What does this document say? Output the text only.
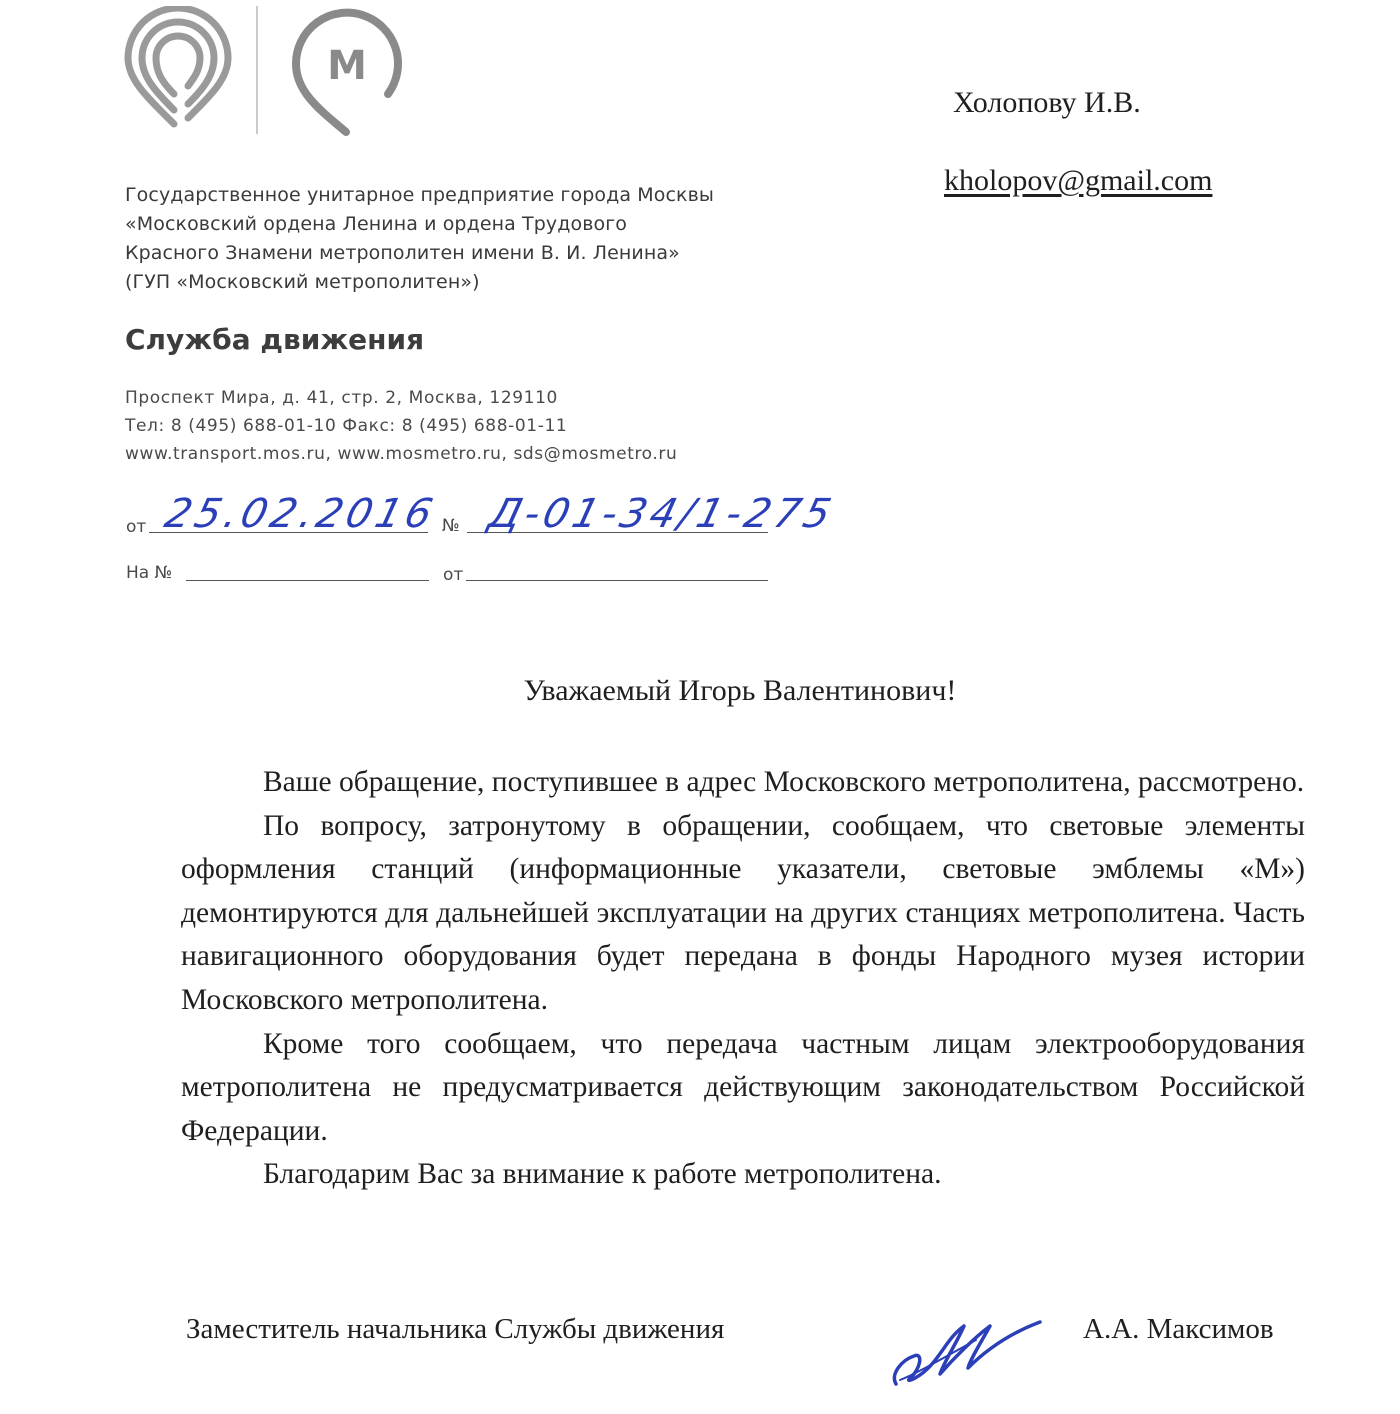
М
Государственное унитарное предприятие города Москвы
«Московский ордена Ленина и ордена Трудового
Красного Знамени метрополитен имени В. И. Ленина»
(ГУП «Московский метрополитен»)
Служба движения
Проспект Мира, д. 41, стр. 2, Москва, 129110
Тел: 8 (495) 688-01-10 Факс: 8 (495) 688-01-11
www.transport.mos.ru, www.mosmetro.ru, sds@mosmetro.ru
от 25.02.2016 № Д-01-34/1-275
На №	от
Холопову И.В.
kholopov@gmail.com
Уважаемый Игорь Валентинович!

Ваше обращение, поступившее в адрес Московского метрополитена, рассмотрено.

По вопросу, затронутому в обращении, сообщаем, что световые элементы оформления станций (информационные указатели, световые эмблемы «М») демонтируются для дальнейшей эксплуатации на других станциях метрополитена. Часть навигационного оборудования будет передана в фонды Народного музея истории Московского метрополитена.

Кроме того сообщаем, что передача частным лицам электрооборудования метрополитена не предусматривается действующим законодательством Российской Федерации.

Благодарим Вас за внимание к работе метрополитена.

Заместитель начальника Службы движения	А.А. Максимов
